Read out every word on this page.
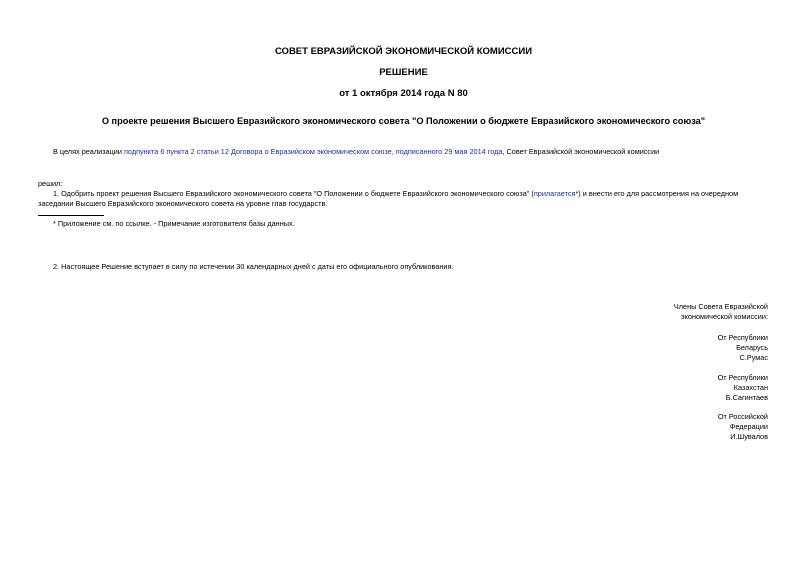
СОВЕТ ЕВРАЗИЙСКОЙ ЭКОНОМИЧЕСКОЙ КОМИССИИ
РЕШЕНИЕ
от 1 октября 2014 года N 80
О проекте решения Высшего Евразийского экономического совета "О Положении о бюджете Евразийского экономического союза"
В целях реализации подпункта 6 пункта 2 статьи 12 Договора о Евразийском экономическом союзе, подписанного 29 мая 2014 года, Совет Евразийской экономической комиссии
решил:
1. Одобрить проект решения Высшего Евразийского экономического совета "О Положении о бюджете Евразийского экономического союза" (прилагается*) и внести его для рассмотрения на очередном заседании Высшего Евразийского экономического совета на уровне глав государств.
* Приложение см. по ссылке. - Примечание изготовителя базы данных.
2. Настоящее Решение вступает в силу по истечении 30 календарных дней с даты его официального опубликования.
Члены Совета Евразийской
экономической комиссии:
От Республики
Беларусь
С.Румас
От Республики
Казахстан
Б.Сагинтаев
От Российской
Федерации
И.Шувалов
